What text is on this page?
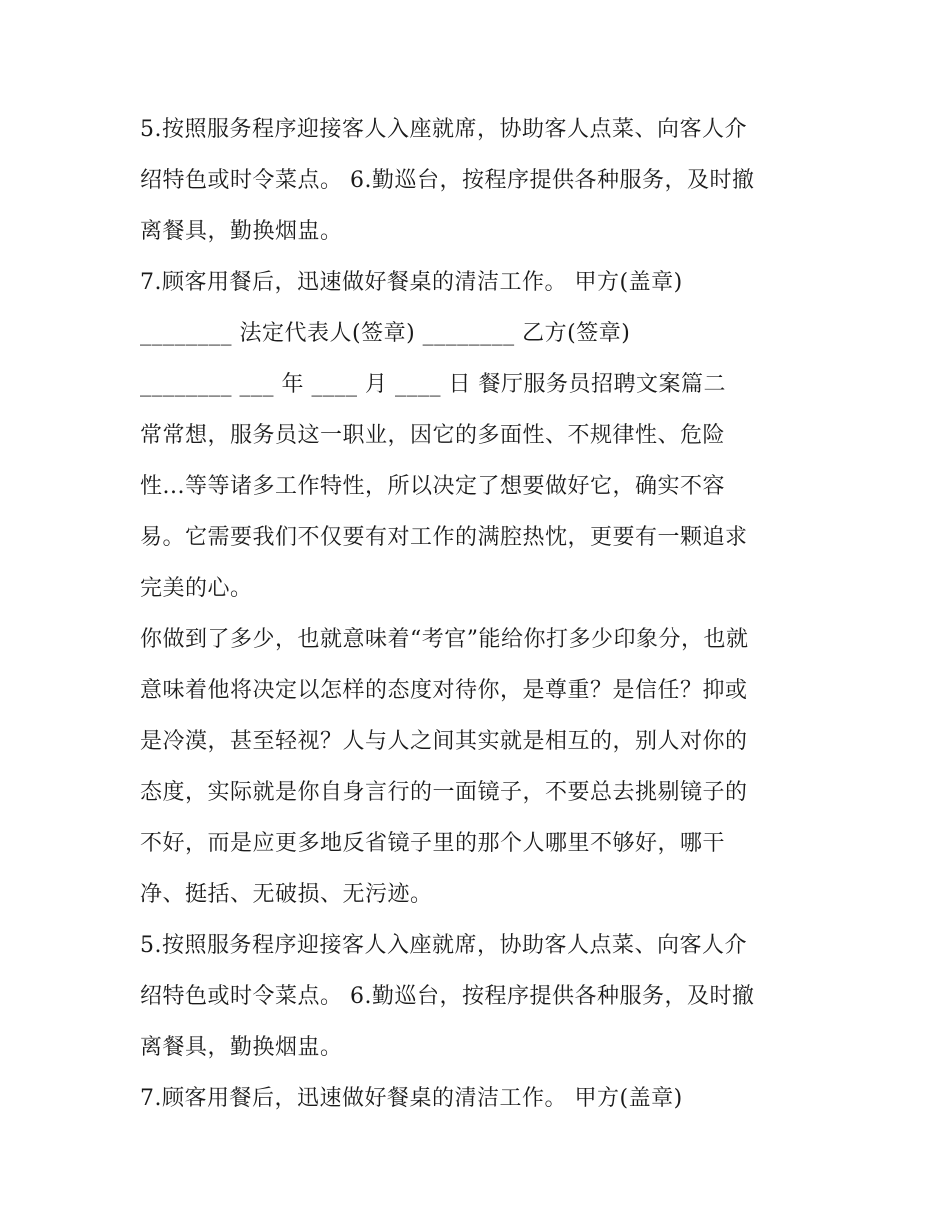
5.按照服务程序迎接客人入座就席，协助客人点菜、向客人介
绍特色或时令菜点。 6.勤巡台，按程序提供各种服务，及时撤
离餐具，勤换烟盅。
7.顾客用餐后，迅速做好餐桌的清洁工作。 甲方(盖章)
________ 法定代表人(签章) ________ 乙方(签章)
________ ___ 年 ____ 月 ____ 日 餐厅服务员招聘文案篇二
常常想，服务员这一职业，因它的多面性、不规律性、危险
性...等等诸多工作特性，所以决定了想要做好它，确实不容
易。它需要我们不仅要有对工作的满腔热忱，更要有一颗追求
完美的心。
你做到了多少，也就意味着“考官”能给你打多少印象分，也就
意味着他将决定以怎样的态度对待你，是尊重？是信任？抑或
是冷漠，甚至轻视？人与人之间其实就是相互的，别人对你的
态度，实际就是你自身言行的一面镜子，不要总去挑剔镜子的
不好，而是应更多地反省镜子里的那个人哪里不够好，哪干
净、挺括、无破损、无污迹。
5.按照服务程序迎接客人入座就席，协助客人点菜、向客人介
绍特色或时令菜点。 6.勤巡台，按程序提供各种服务，及时撤
离餐具，勤换烟盅。
7.顾客用餐后，迅速做好餐桌的清洁工作。 甲方(盖章)
